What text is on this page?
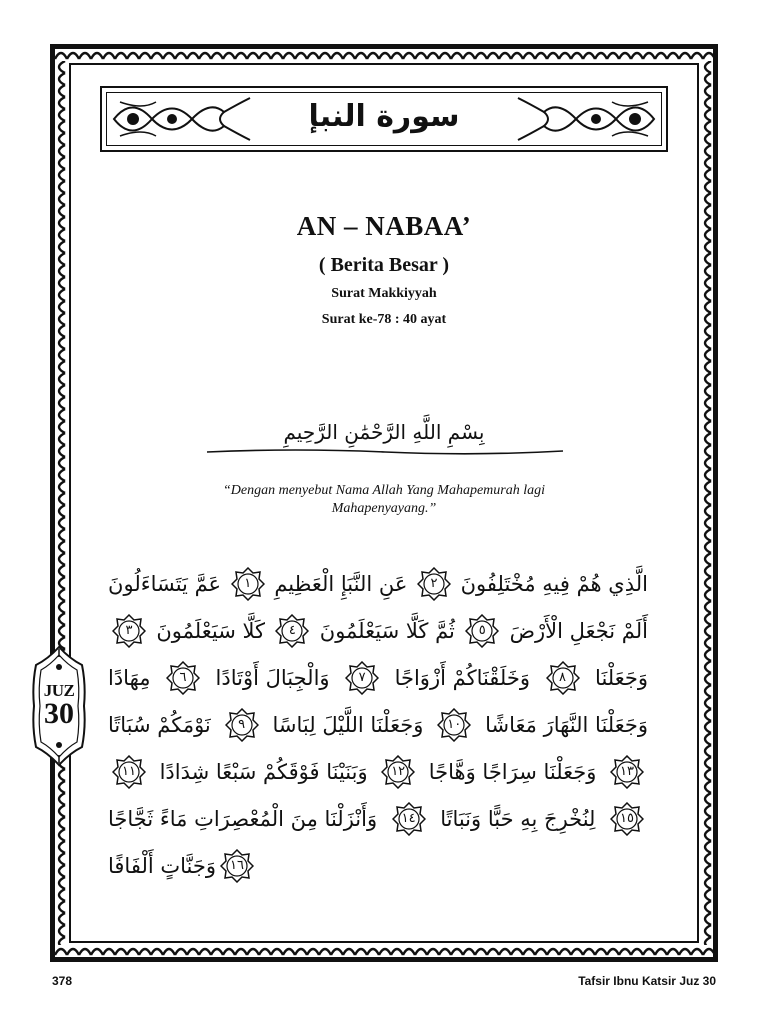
سورة النبإ
AN – NABAA’
( Berita Besar )
Surat Makkiyyah
Surat ke-78 : 40 ayat
بِسْمِ اللَّهِ الرَّحْمَٰنِ الرَّحِيمِ
“Dengan menyebut Nama Allah Yang Mahapemurah lagi Mahapenyayang.”
عَمَّ يَتَسَاءَلُونَ	١	عَنِ النَّبَإِ الْعَظِيمِ	٢	الَّذِي هُمْ فِيهِ مُخْتَلِفُونَ
٣	كَلَّا سَيَعْلَمُونَ	٤	ثُمَّ كَلَّا سَيَعْلَمُونَ	٥	أَلَمْ نَجْعَلِ الْأَرْضَ
مِهَادًا	٦	وَالْجِبَالَ أَوْتَادًا	٧	وَخَلَقْنَاكُمْ أَزْوَاجًا	٨	وَجَعَلْنَا
نَوْمَكُمْ سُبَاتًا	٩	وَجَعَلْنَا اللَّيْلَ لِبَاسًا	١٠	وَجَعَلْنَا النَّهَارَ مَعَاشًا
١١	وَبَنَيْنَا فَوْقَكُمْ سَبْعًا شِدَادًا	١٢	وَجَعَلْنَا سِرَاجًا وَهَّاجًا	١٣
وَأَنْزَلْنَا مِنَ الْمُعْصِرَاتِ مَاءً ثَجَّاجًا	١٤	لِنُخْرِجَ بِهِ حَبًّا وَنَبَاتًا	١٥
وَجَنَّاتٍ أَلْفَافًا	١٦
JUZ
30
378	Tafsir Ibnu Katsir Juz 30
